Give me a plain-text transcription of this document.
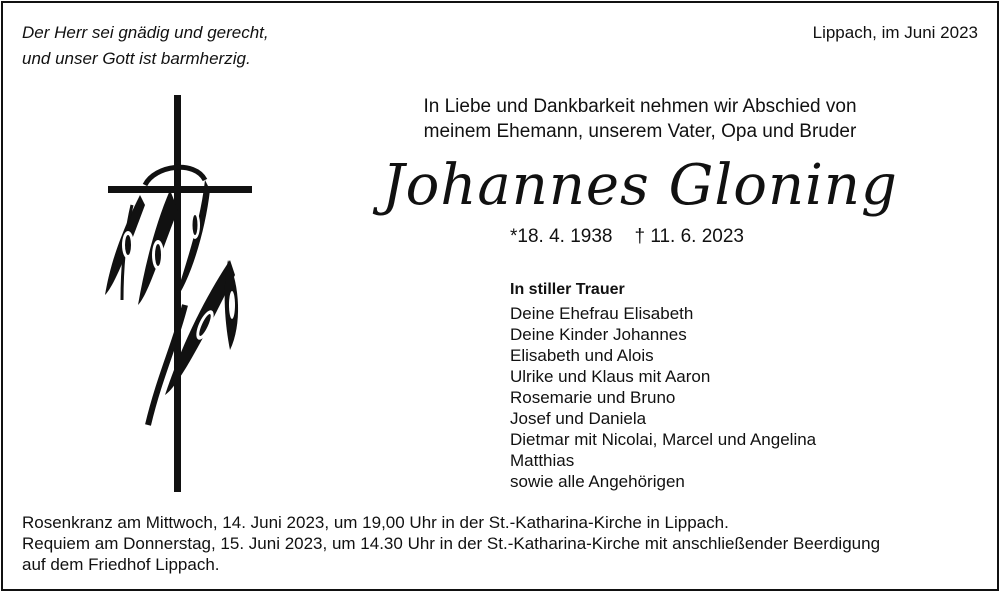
Der Herr sei gnädig und gerecht,
und unser Gott ist barmherzig.
Lippach, im Juni 2023
In Liebe und Dankbarkeit nehmen wir Abschied von
meinem Ehemann, unserem Vater, Opa und Bruder
Johannes Gloning
*18. 4. 1938 † 11. 6. 2023
In stiller Trauer
Deine Ehefrau Elisabeth
Deine Kinder Johannes
Elisabeth und Alois
Ulrike und Klaus mit Aaron
Rosemarie und Bruno
Josef und Daniela
Dietmar mit Nicolai, Marcel und Angelina
Matthias
sowie alle Angehörigen
Rosenkranz am Mittwoch, 14. Juni 2023, um 19,00 Uhr in der St.-Katharina-Kirche in Lippach.
Requiem am Donnerstag, 15. Juni 2023, um 14.30 Uhr in der St.-Katharina-Kirche mit anschließender Beerdigung
auf dem Friedhof Lippach.
